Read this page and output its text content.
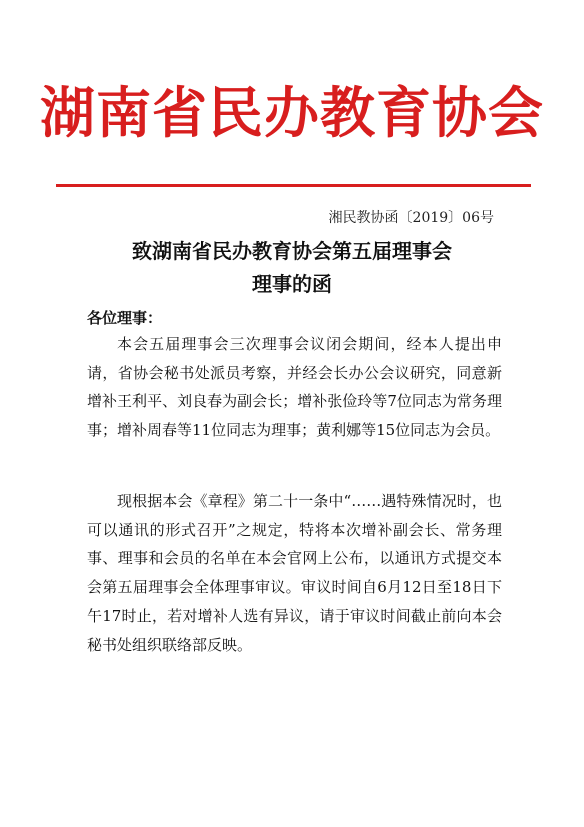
湖南省民办教育协会
湘民教协函〔2019〕06号
致湖南省民办教育协会第五届理事会
理事的函
各位理事：

本会五届理事会三次理事会议闭会期间，经本人提出申请，省协会秘书处派员考察，并经会长办公会议研究，同意新增补王利平、刘良春为副会长；增补张俭玲等7位同志为常务理事；增补周春等11位同志为理事；黄利娜等15位同志为会员。

现根据本会《章程》第二十一条中“……遇特殊情况时，也可以通讯的形式召开”之规定，特将本次增补副会长、常务理事、理事和会员的名单在本会官网上公布，以通讯方式提交本会第五届理事会全体理事审议。审议时间自6月12日至18日下午17时止，若对增补人选有异议，请于审议时间截止前向本会秘书处组织联络部反映。
